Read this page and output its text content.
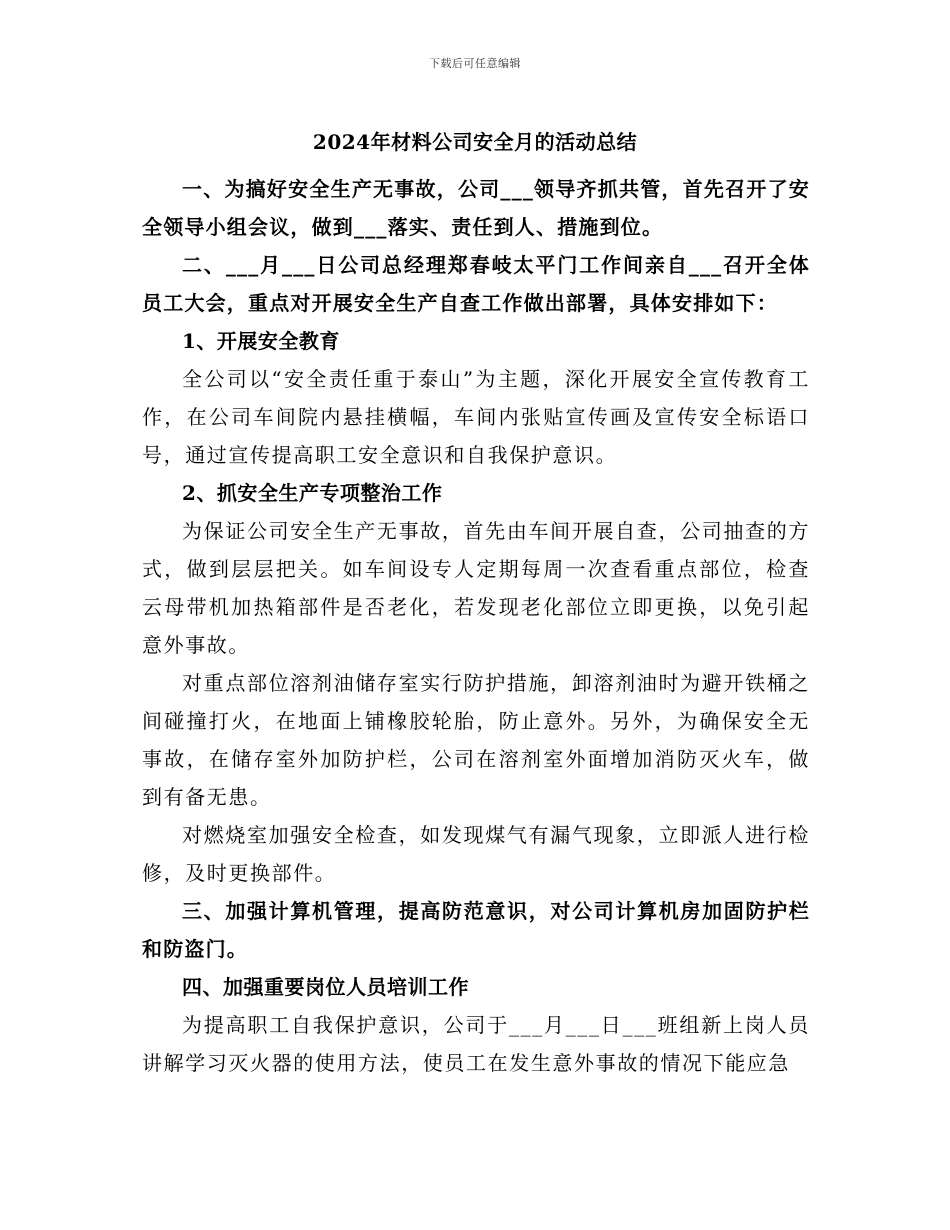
下载后可任意编辑
2024年材料公司安全月的活动总结

一、为搞好安全生产无事故，公司___领导齐抓共管，首先召开了安全领导小组会议，做到___落实、责任到人、措施到位。

二、___月___日公司总经理郑春岐太平门工作间亲自___召开全体员工大会，重点对开展安全生产自查工作做出部署，具体安排如下：

1、开展安全教育

全公司以“安全责任重于泰山”为主题，深化开展安全宣传教育工作，在公司车间院内悬挂横幅，车间内张贴宣传画及宣传安全标语口号，通过宣传提高职工安全意识和自我保护意识。

2、抓安全生产专项整治工作

为保证公司安全生产无事故，首先由车间开展自查，公司抽查的方式，做到层层把关。如车间设专人定期每周一次查看重点部位，检查云母带机加热箱部件是否老化，若发现老化部位立即更换，以免引起意外事故。

对重点部位溶剂油储存室实行防护措施，卸溶剂油时为避开铁桶之间碰撞打火，在地面上铺橡胶轮胎，防止意外。另外，为确保安全无事故，在储存室外加防护栏，公司在溶剂室外面增加消防灭火车，做到有备无患。

对燃烧室加强安全检查，如发现煤气有漏气现象，立即派人进行检修，及时更换部件。

三、加强计算机管理，提高防范意识，对公司计算机房加固防护栏和防盗门。

四、加强重要岗位人员培训工作

为提高职工自我保护意识，公司于___月___日___班组新上岗人员讲解学习灭火器的使用方法，使员工在发生意外事故的情况下能应急
